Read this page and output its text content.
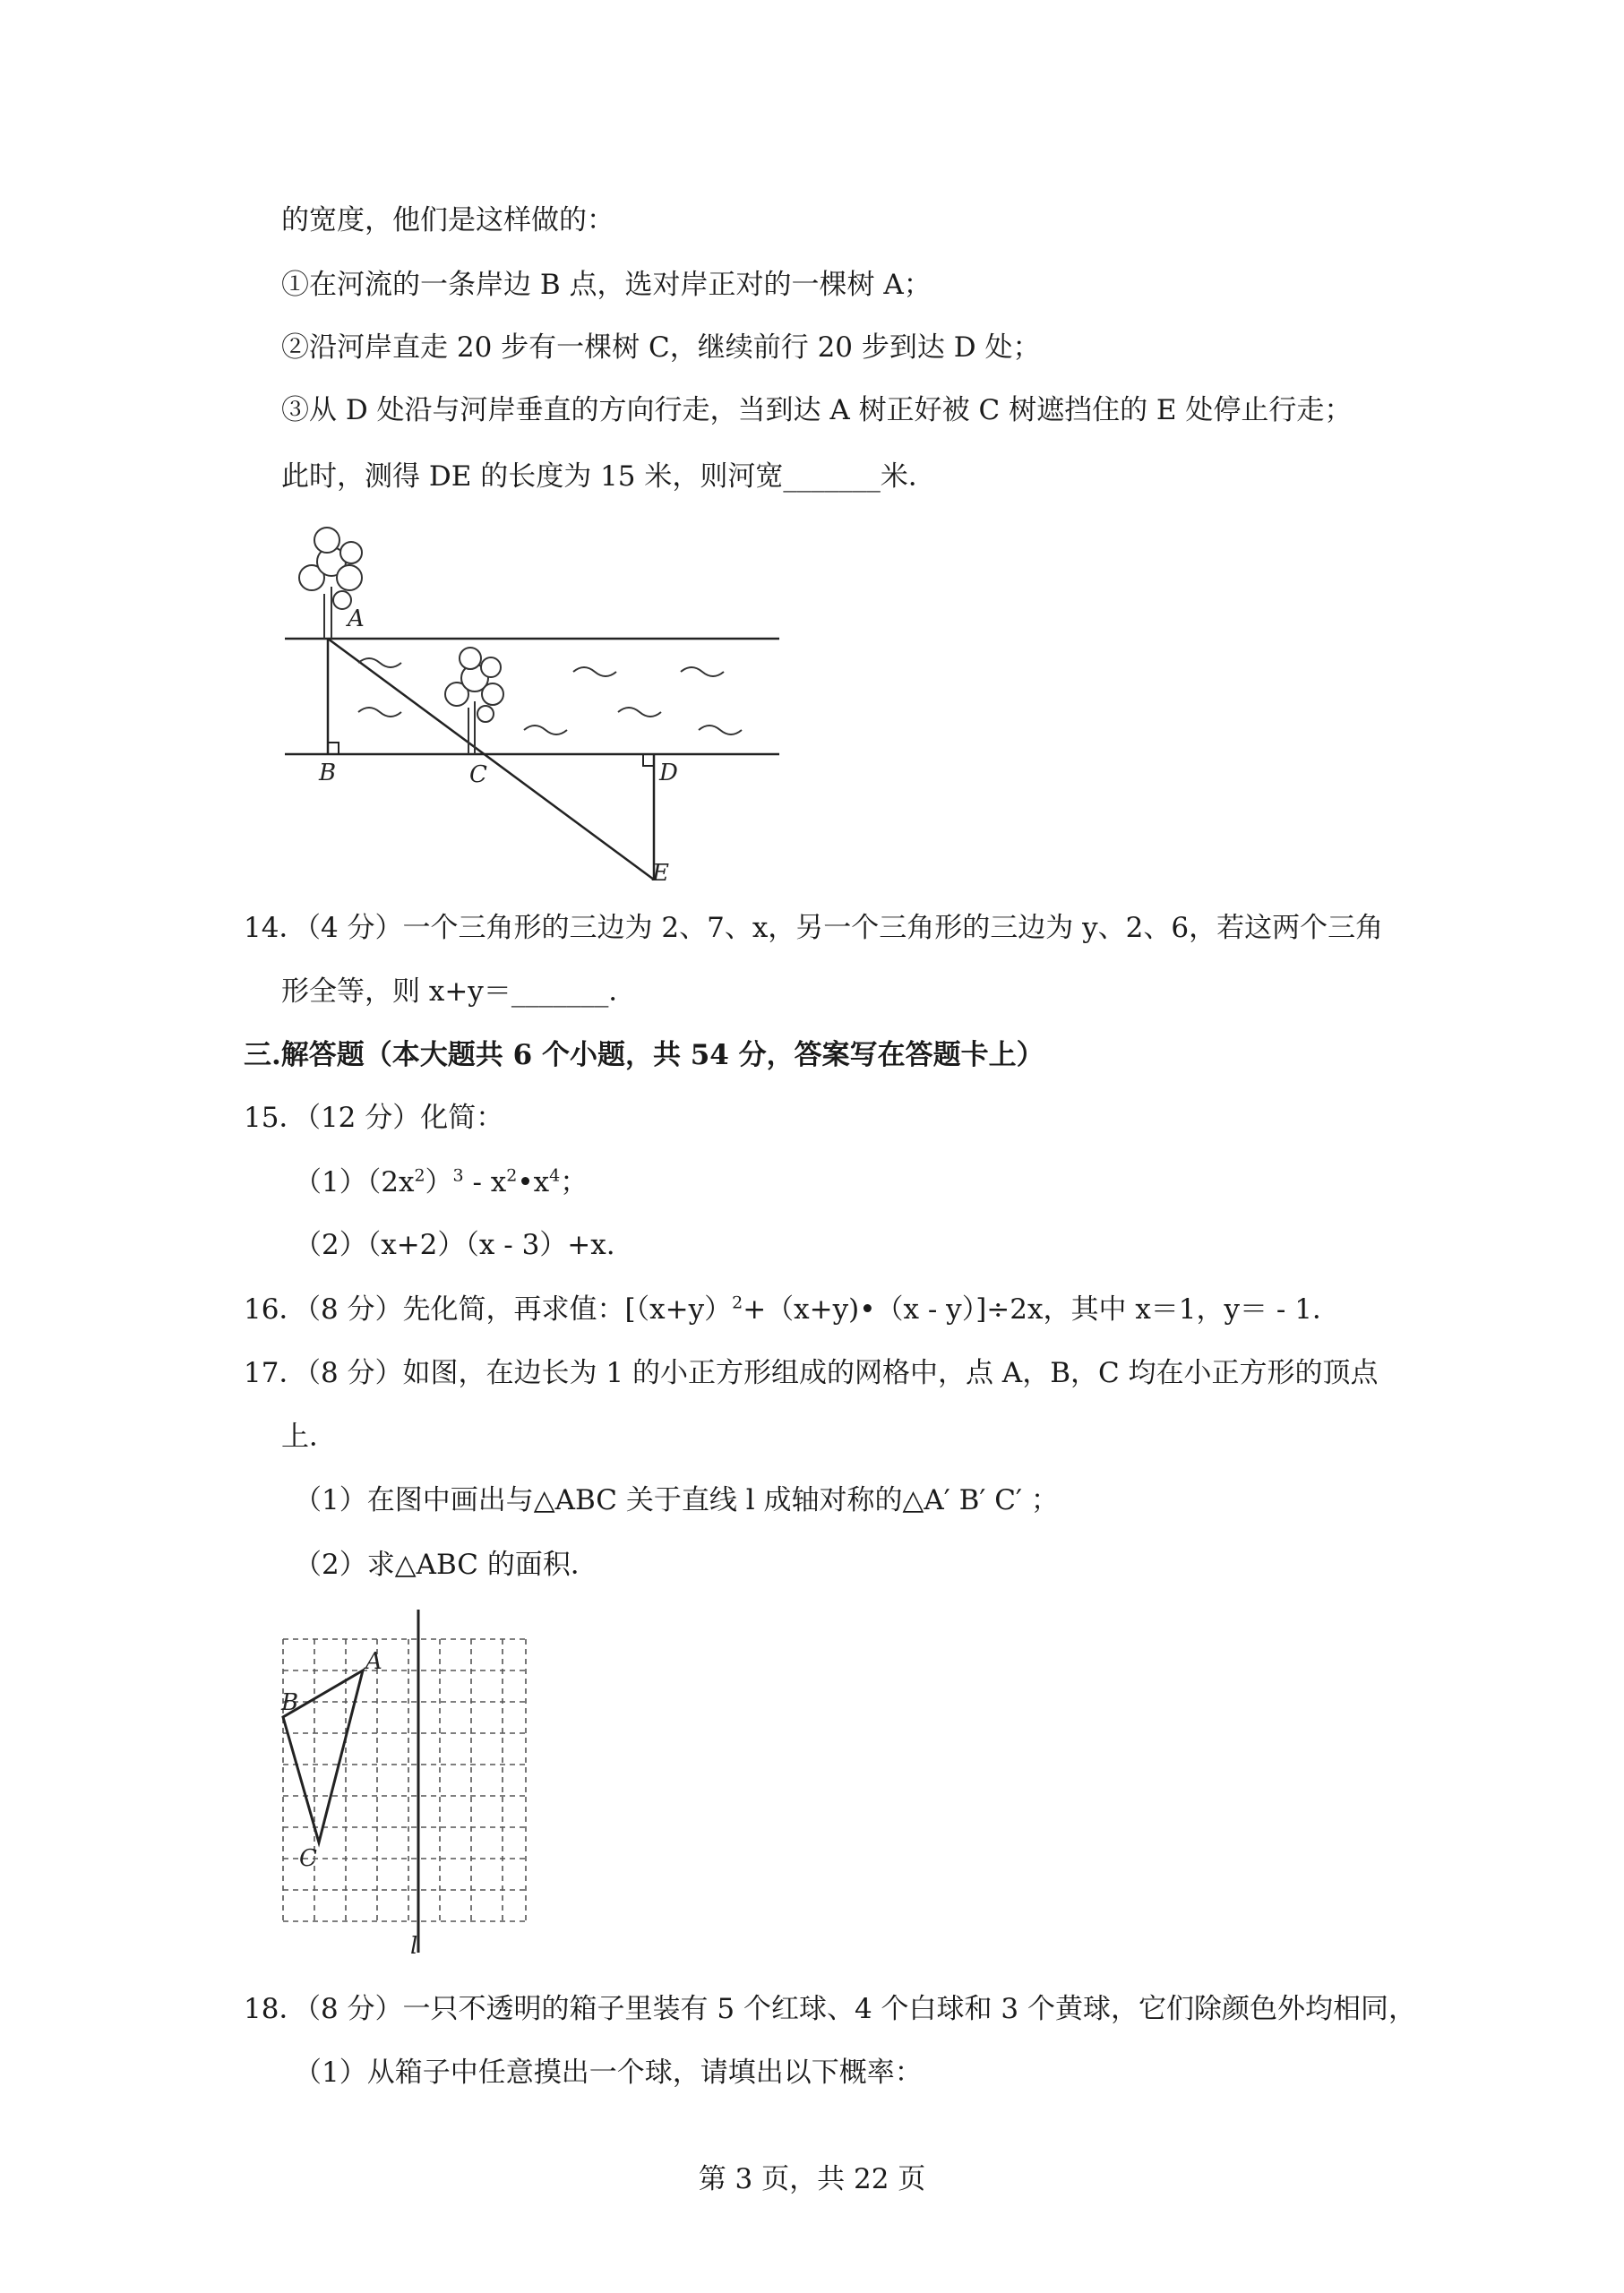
的宽度，他们是这样做的：
①在河流的一条岸边 B 点，选对岸正对的一棵树 A；
②沿河岸直走 20 步有一棵树 C，继续前行 20 步到达 D 处；
③从 D 处沿与河岸垂直的方向行走，当到达 A 树正好被 C 树遮挡住的 E 处停止行走；
此时，测得 DE 的长度为 15 米，则河宽_______米．
A
B	C	D
E
14．（4 分）一个三角形的三边为 2、7、x，另一个三角形的三边为 y、2、6，若这两个三角
形全等，则 x+y＝_______．
三.解答题（本大题共 6 个小题，共 54 分，答案写在答题卡上）
15．（12 分）化简：
$(1)(2x^2)^3$ - $x^2•x^4$；
（2）（x+2）（x - 3）+x.
16．（8 分）先化简，再求值：$[(x+y)^2+(x+y)•(x - y)]\div 2x$，其中 x＝1，y＝ - 1．
17．（8 分）如图，在边长为 1 的小正方形组成的网格中，点 A，B，C 均在小正方形的顶点
上．
（1）在图中画出与△ABC 关于直线 l 成轴对称的△A′ B′ C′ ；
（2）求△ABC 的面积．
A
B
C
l
18．（8 分）一只不透明的箱子里装有 5 个红球、4 个白球和 3 个黄球，它们除颜色外均相同，
（1）从箱子中任意摸出一个球，请填出以下概率：
第 3 页，共 22 页
